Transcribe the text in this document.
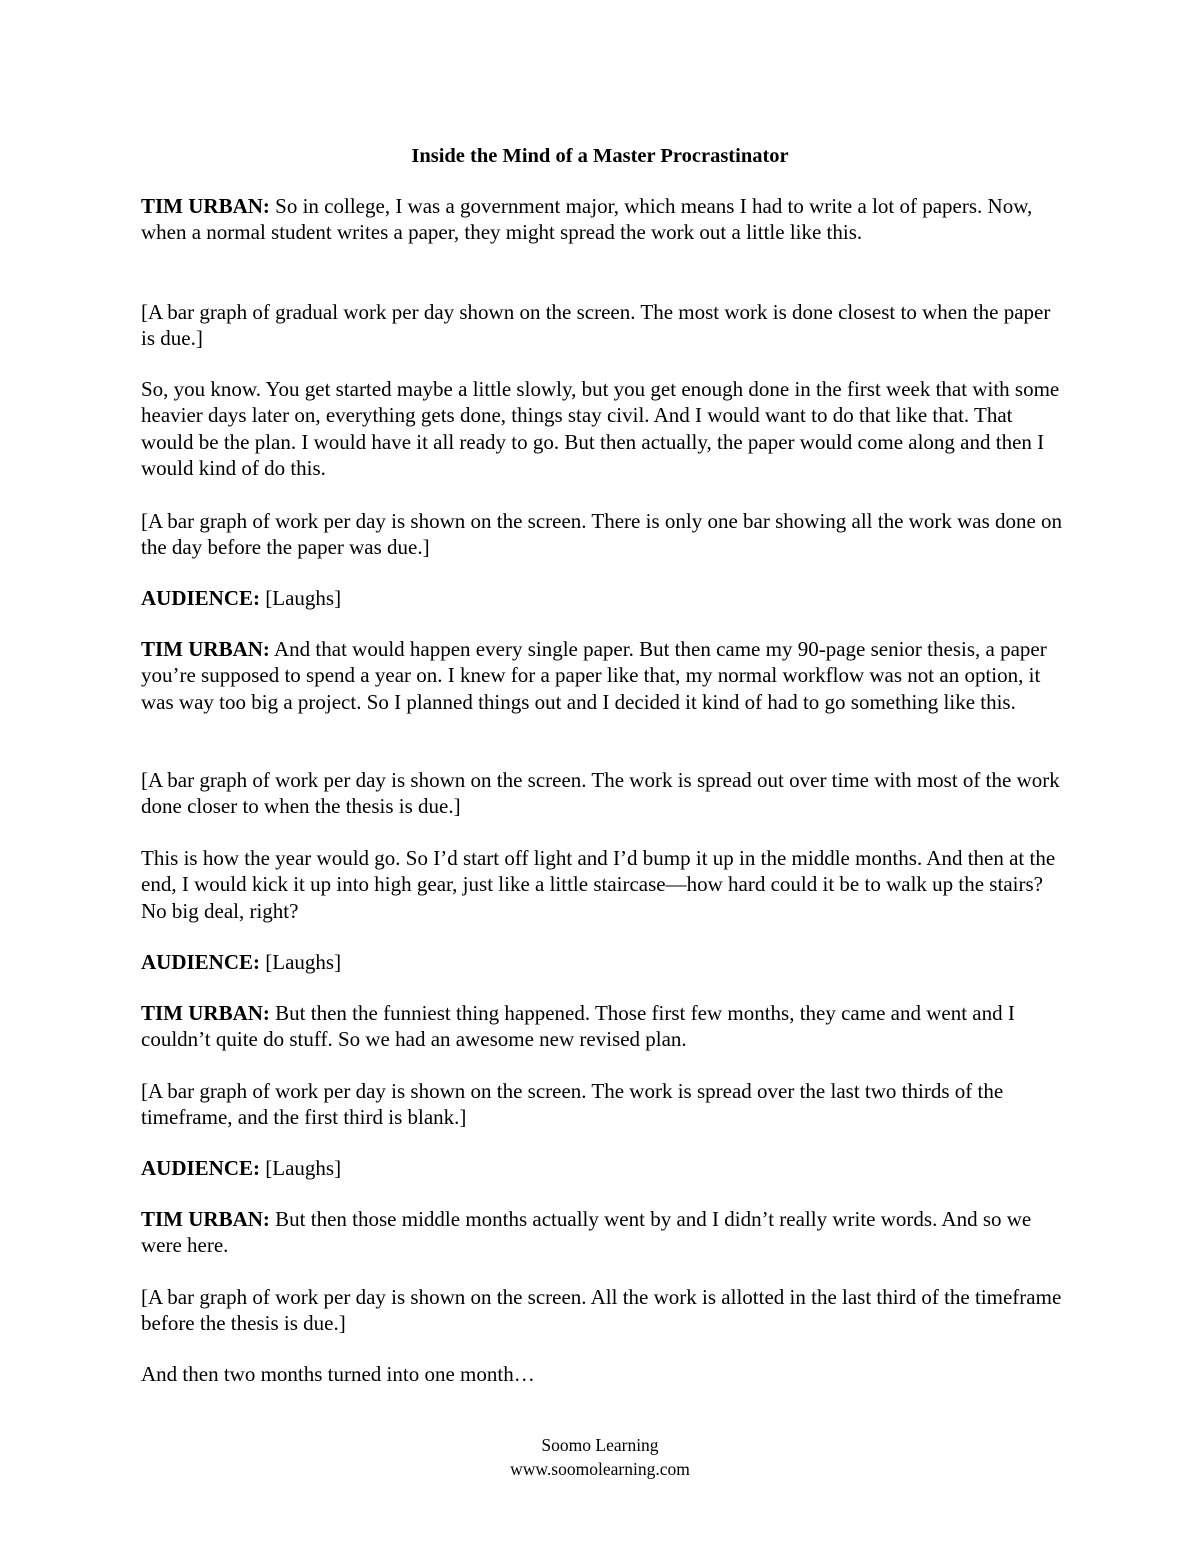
Inside the Mind of a Master Procrastinator

TIM URBAN: So in college, I was a government major, which means I had to write a lot of papers. Now, when a normal student writes a paper, they might spread the work out a little like this.

[A bar graph of gradual work per day shown on the screen. The most work is done closest to when the paper is due.]

So, you know. You get started maybe a little slowly, but you get enough done in the first week that with some heavier days later on, everything gets done, things stay civil. And I would want to do that like that. That would be the plan. I would have it all ready to go. But then actually, the paper would come along and then I would kind of do this.

[A bar graph of work per day is shown on the screen. There is only one bar showing all the work was done on the day before the paper was due.]

AUDIENCE: [Laughs]

TIM URBAN: And that would happen every single paper. But then came my 90-page senior thesis, a paper you’re supposed to spend a year on. I knew for a paper like that, my normal workflow was not an option, it was way too big a project. So I planned things out and I decided it kind of had to go something like this.

[A bar graph of work per day is shown on the screen. The work is spread out over time with most of the work done closer to when the thesis is due.]

This is how the year would go. So I’d start off light and I’d bump it up in the middle months. And then at the end, I would kick it up into high gear, just like a little staircase—how hard could it be to walk up the stairs? No big deal, right?

AUDIENCE: [Laughs]

TIM URBAN: But then the funniest thing happened. Those first few months, they came and went and I couldn’t quite do stuff. So we had an awesome new revised plan.

[A bar graph of work per day is shown on the screen. The work is spread over the last two thirds of the timeframe, and the first third is blank.]

AUDIENCE: [Laughs]

TIM URBAN: But then those middle months actually went by and I didn’t really write words. And so we were here.

[A bar graph of work per day is shown on the screen. All the work is allotted in the last third of the timeframe before the thesis is due.]

And then two months turned into one month…

Soomo Learning

www.soomolearning.com
